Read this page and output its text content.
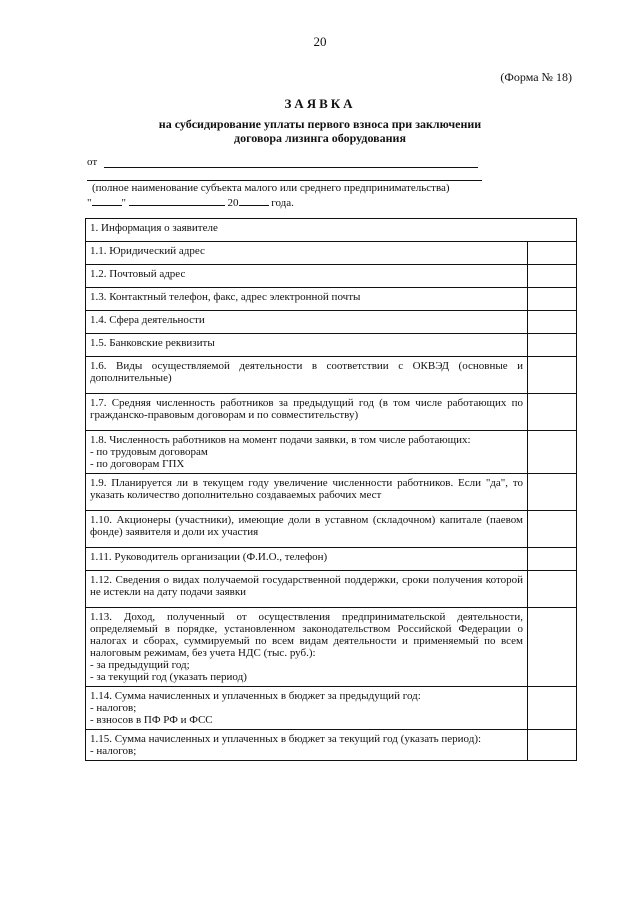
20
(Форма № 18)
ЗАЯВКА
на субсидирование уплаты первого взноса при заключении
договора лизинга оборудования
от
(полное наименование субъекта малого или среднего предпринимательства)
"	"	20	года.
1. Информация о заявителе	
1.1. Юридический адрес	
1.2. Почтовый адрес	
1.3. Контактный телефон, факс, адрес электронной почты	
1.4. Сфера деятельности	
1.5. Банковские реквизиты	
1.6. Виды осуществляемой деятельности в соответствии с ОКВЭД (основные и дополнительные)	
1.7. Средняя численность работников за предыдущий год (в том числе работающих по гражданско-правовым договорам и по совместительству)	
1.8. Численность работников на момент подачи заявки, в том числе работающих:
- по трудовым договорам
- по договорам ГПХ	
1.9. Планируется ли в текущем году увеличение численности работников. Если "да", то указать количество дополнительно создаваемых рабочих мест	
1.10. Акционеры (участники), имеющие доли в уставном (складочном) капитале (паевом фонде) заявителя и доли их участия	
1.11. Руководитель организации (Ф.И.О., телефон)	
1.12. Сведения о видах получаемой государственной поддержки, сроки получения которой не истекли на дату подачи заявки	
1.13. Доход, полученный от осуществления предпринимательской деятельности, определяемый в порядке, установленном законодательством Российской Федерации о налогах и сборах, суммируемый по всем видам деятельности и применяемый по всем налоговым режимам, без учета НДС (тыс. руб.):
- за предыдущий год;
- за текущий год (указать период)	
1.14. Сумма начисленных и уплаченных в бюджет за предыдущий год:
- налогов;
- взносов в ПФ РФ и ФСС	
1.15. Сумма начисленных и уплаченных в бюджет за текущий год (указать период):
- налогов;	
